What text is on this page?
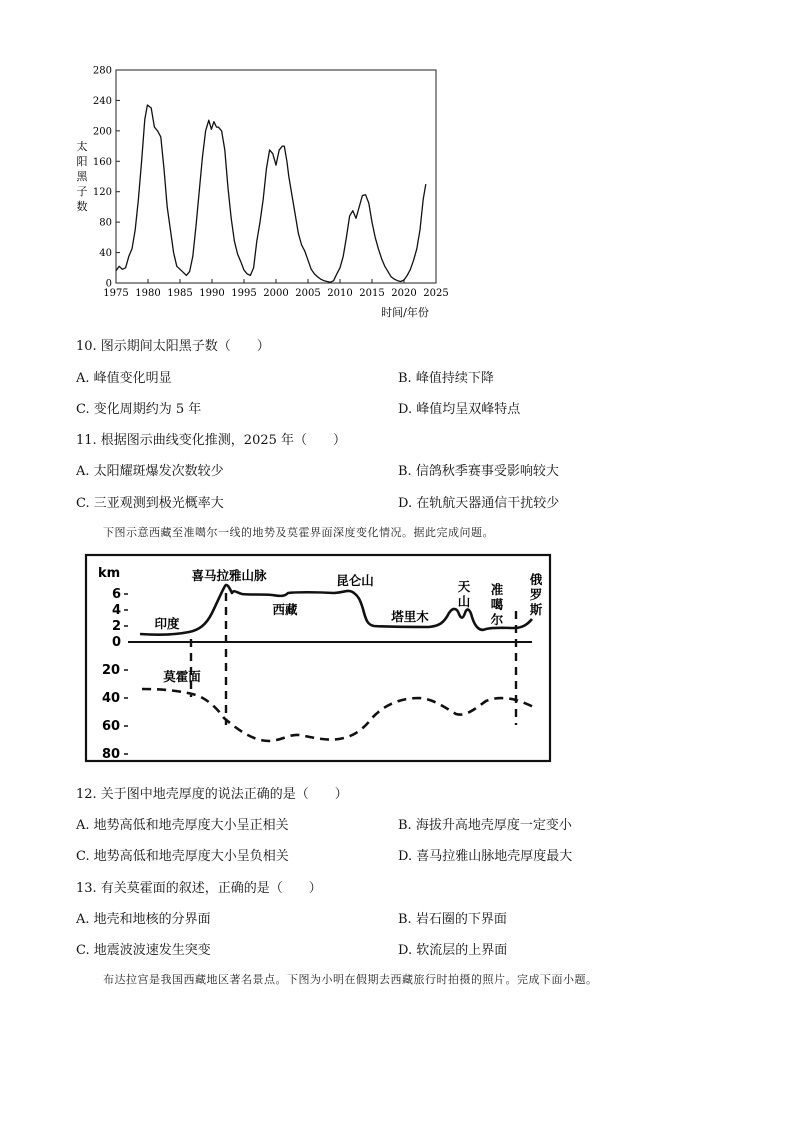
0
40
80
120
160
200
240
280
1975 1980 1985 1990 1995 2000 2005 2010 2015 2020 2025
太阳黑子数
时间/年份
10. 图示期间太阳黑子数（　　）
A. 峰值变化明显	B. 峰值持续下降
C. 变化周期约为 5 年	D. 峰值均呈双峰特点
11. 根据图示曲线变化推测，2025 年（　　）
A. 太阳耀斑爆发次数较少	B. 信鸽秋季赛事受影响较大
C. 三亚观测到极光概率大	D. 在轨航天器通信干扰较少
下图示意西藏至准噶尔一线的地势及莫霍界面深度变化情况。据此完成问题。
km
6
4
2
0
20
40
60
80
喜马拉雅山脉	昆仑山
印度
西藏	塔里木
天
山
准
噶
尔
俄
罗
斯
莫霍面
12. 关于图中地壳厚度的说法正确的是（　　）
A. 地势高低和地壳厚度大小呈正相关	B. 海拔升高地壳厚度一定变小
C. 地势高低和地壳厚度大小呈负相关	D. 喜马拉雅山脉地壳厚度最大
13. 有关莫霍面的叙述，正确的是（　　）
A. 地壳和地核的分界面	B. 岩石圈的下界面
C. 地震波波速发生突变	D. 软流层的上界面
布达拉宫是我国西藏地区著名景点。下图为小明在假期去西藏旅行时拍摄的照片。完成下面小题。
